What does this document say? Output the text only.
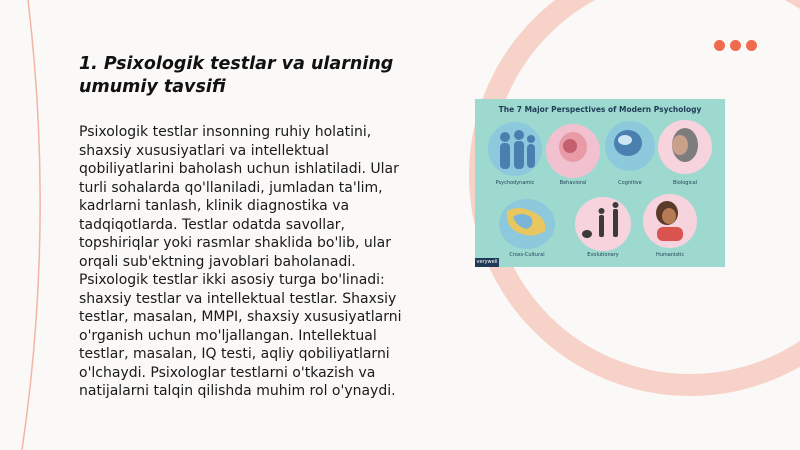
1. Psixologik testlar va ularning umumiy tavsifi

Psixologik testlar insonning ruhiy holatini, shaxsiy xususiyatlari va intellektual qobiliyatlarini baholash uchun ishlatiladi. Ular turli sohalarda qo'llaniladi, jumladan ta'lim, kadrlarni tanlash, klinik diagnostika va tadqiqotlarda. Testlar odatda savollar, topshiriqlar yoki rasmlar shaklida bo'lib, ular orqali sub'ektning javoblari baholanadi. Psixologik testlar ikki asosiy turga bo'linadi: shaxsiy testlar va intellektual testlar. Shaxsiy testlar, masalan, MMPI, shaxsiy xususiyatlarni o'rganish uchun mo'ljallangan. Intellektual testlar, masalan, IQ testi, aqliy qobiliyatlarni o'lchaydi. Psixologlar testlarni o'tkazish va natijalarni talqin qilishda muhim rol o'ynaydi.

The 7 Major Perspectives of Modern Psychology
Psychodynamic	Behavioral	Cognitive	Biological
Cross-Cultural	Evolutionary	Humanistic
verywell
